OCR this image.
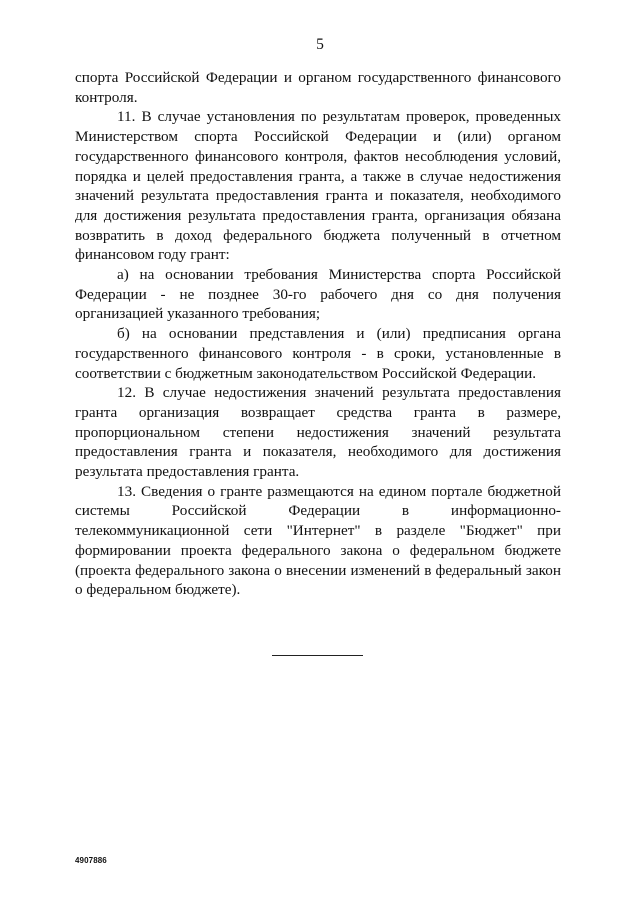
5

спорта Российской Федерации и органом государственного финансового контроля.

11. В случае установления по результатам проверок, проведенных Министерством спорта Российской Федерации и (или) органом государственного финансового контроля, фактов несоблюдения условий, порядка и целей предоставления гранта, а также в случае недостижения значений результата предоставления гранта и показателя, необходимого для достижения результата предоставления гранта, организация обязана возвратить в доход федерального бюджета полученный в отчетном финансовом году грант:

а) на основании требования Министерства спорта Российской Федерации - не позднее 30-го рабочего дня со дня получения организацией указанного требования;

б) на основании представления и (или) предписания органа государственного финансового контроля - в сроки, установленные в соответствии с бюджетным законодательством Российской Федерации.

12. В случае недостижения значений результата предоставления гранта организация возвращает средства гранта в размере, пропорциональном степени недостижения значений результата предоставления гранта и показателя, необходимого для достижения результата предоставления гранта.

13. Сведения о гранте размещаются на едином портале бюджетной системы Российской Федерации в информационно-телекоммуникационной сети "Интернет" в разделе "Бюджет" при формировании проекта федерального закона о федеральном бюджете (проекта федерального закона о внесении изменений в федеральный закон о федеральном бюджете).

4907886
